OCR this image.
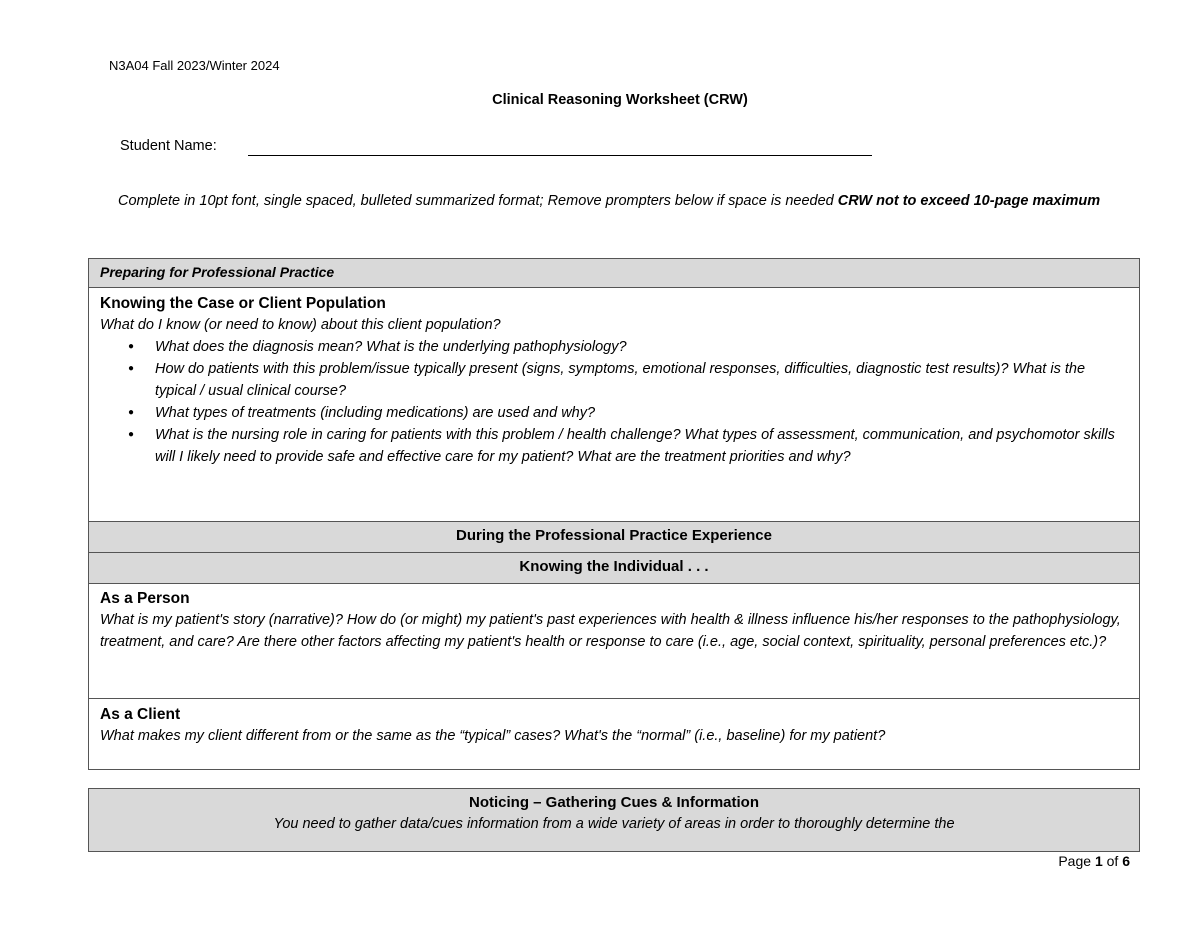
N3A04 Fall 2023/Winter 2024
Clinical Reasoning Worksheet (CRW)
Student Name:
Complete in 10pt font, single spaced, bulleted summarized format; Remove prompters below if space is needed CRW not to exceed 10-page maximum
Preparing for Professional Practice

Knowing the Case or Client Population

What do I know (or need to know) about this client population?

● What does the diagnosis mean? What is the underlying pathophysiology?
● How do patients with this problem/issue typically present (signs, symptoms, emotional responses, difficulties, diagnostic test results)? What is the typical / usual clinical course?
● What types of treatments (including medications) are used and why?
● What is the nursing role in caring for patients with this problem / health challenge? What types of assessment, communication, and psychomotor skills will I likely need to provide safe and effective care for my patient? What are the treatment priorities and why?
During the Professional Practice Experience
Knowing the Individual . . .

As a Person

What is my patient's story (narrative)? How do (or might) my patient's past experiences with health & illness influence his/her responses to the pathophysiology, treatment, and care? Are there other factors affecting my patient's health or response to care (i.e., age, social context, spirituality, personal preferences etc.)?

As a Client

What makes my client different from or the same as the “typical” cases? What's the “normal” (i.e., baseline) for my patient?

Noticing – Gathering Cues & Information
You need to gather data/cues information from a wide variety of areas in order to thoroughly determine the
Page 1 of 6
